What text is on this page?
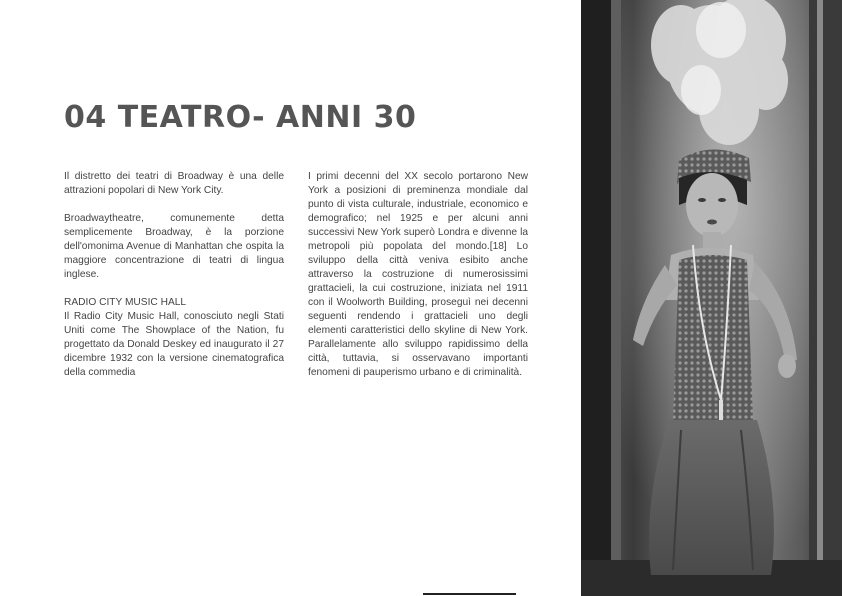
04 TEATRO- ANNI 30

Il distretto dei teatri di Broadway è una delle attrazioni popolari di New York City.

Broadwaytheatre, comunemente detta semplicemente Broadway, è la porzione dell'omonima Avenue di Manhattan che ospita la maggiore concentrazione di teatri di lingua inglese.

RADIO CITY MUSIC HALL
Il Radio City Music Hall, conosciuto negli Stati Uniti come The Showplace of the Nation, fu progettato da Donald Deskey ed inaugurato il 27 dicembre 1932 con la versione cinematografica della commedia

I primi decenni del XX secolo portarono New York a posizioni di preminenza mondiale dal punto di vista culturale, industriale, economico e demografico; nel 1925 e per alcuni anni successivi New York superò Londra e divenne la metropoli più popolata del mondo.[18] Lo sviluppo della città veniva esibito anche attraverso la costruzione di numerosissimi grattacieli, la cui costruzione, iniziata nel 1911 con il Woolworth Building, proseguì nei decenni seguenti rendendo i grattacieli uno degli elementi caratteristici dello skyline di New York. Parallelamente allo sviluppo rapidissimo della città, tuttavia, si osservavano importanti fenomeni di pauperismo urbano e di criminalità.
